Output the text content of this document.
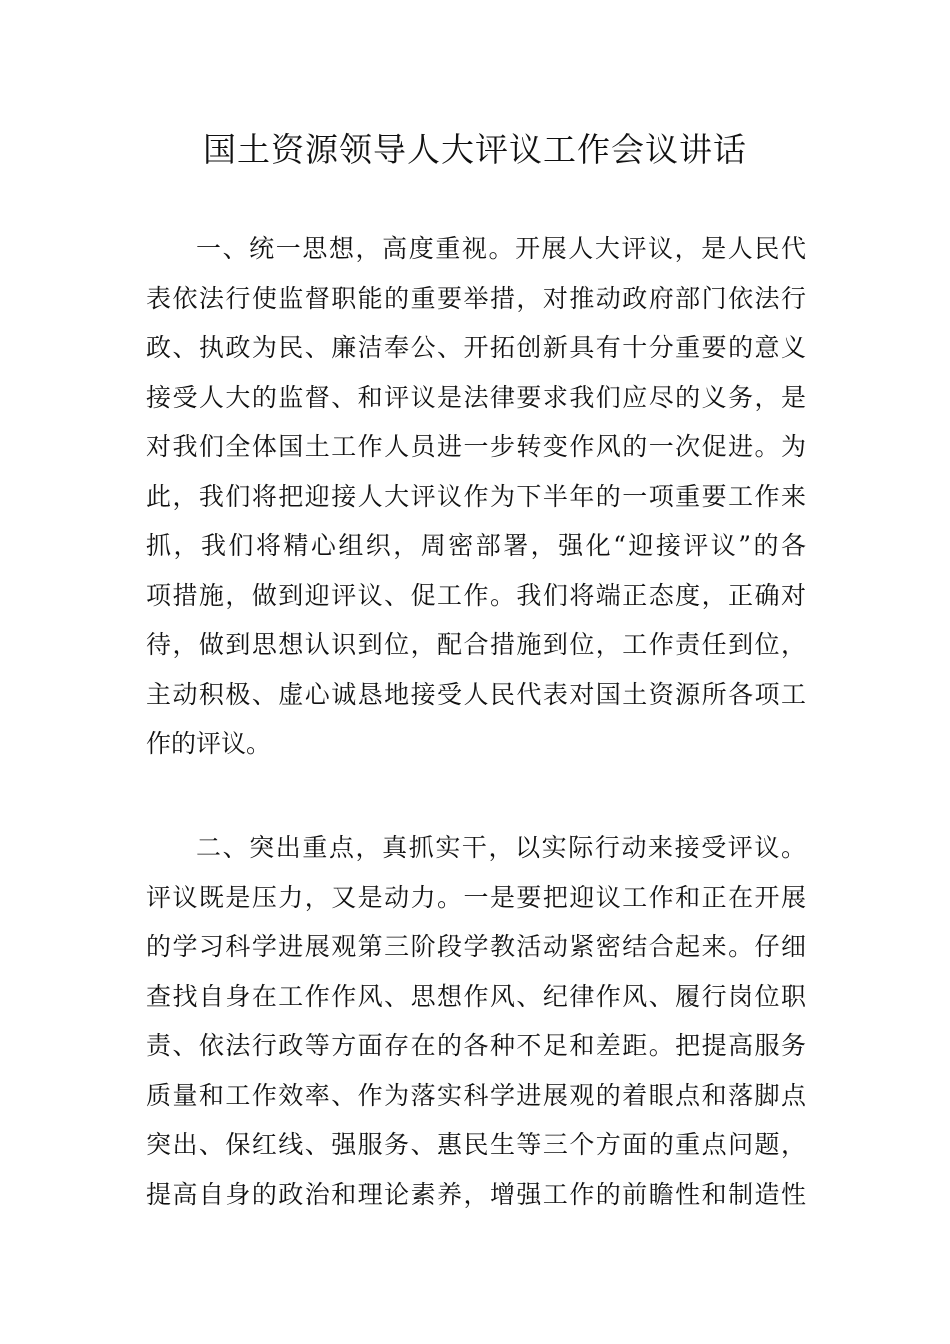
国土资源领导人大评议工作会议讲话
一、统一思想，高度重视。开展人大评议，是人民代
表依法行使监督职能的重要举措，对推动政府部门依法行
政、执政为民、廉洁奉公、开拓创新具有十分重要的意义
接受人大的监督、和评议是法律要求我们应尽的义务，是
对我们全体国土工作人员进一步转变作风的一次促进。为
此，我们将把迎接人大评议作为下半年的一项重要工作来
抓，我们将精心组织，周密部署，强化“迎接评议”的各
项措施，做到迎评议、促工作。我们将端正态度，正确对
待，做到思想认识到位，配合措施到位，工作责任到位，
主动积极、虚心诚恳地接受人民代表对国土资源所各项工
作的评议。
二、突出重点，真抓实干，以实际行动来接受评议。
评议既是压力，又是动力。一是要把迎议工作和正在开展
的学习科学进展观第三阶段学教活动紧密结合起来。仔细
查找自身在工作作风、思想作风、纪律作风、履行岗位职
责、依法行政等方面存在的各种不足和差距。把提高服务
质量和工作效率、作为落实科学进展观的着眼点和落脚点
突出、保红线、强服务、惠民生等三个方面的重点问题，
提高自身的政治和理论素养，增强工作的前瞻性和制造性
